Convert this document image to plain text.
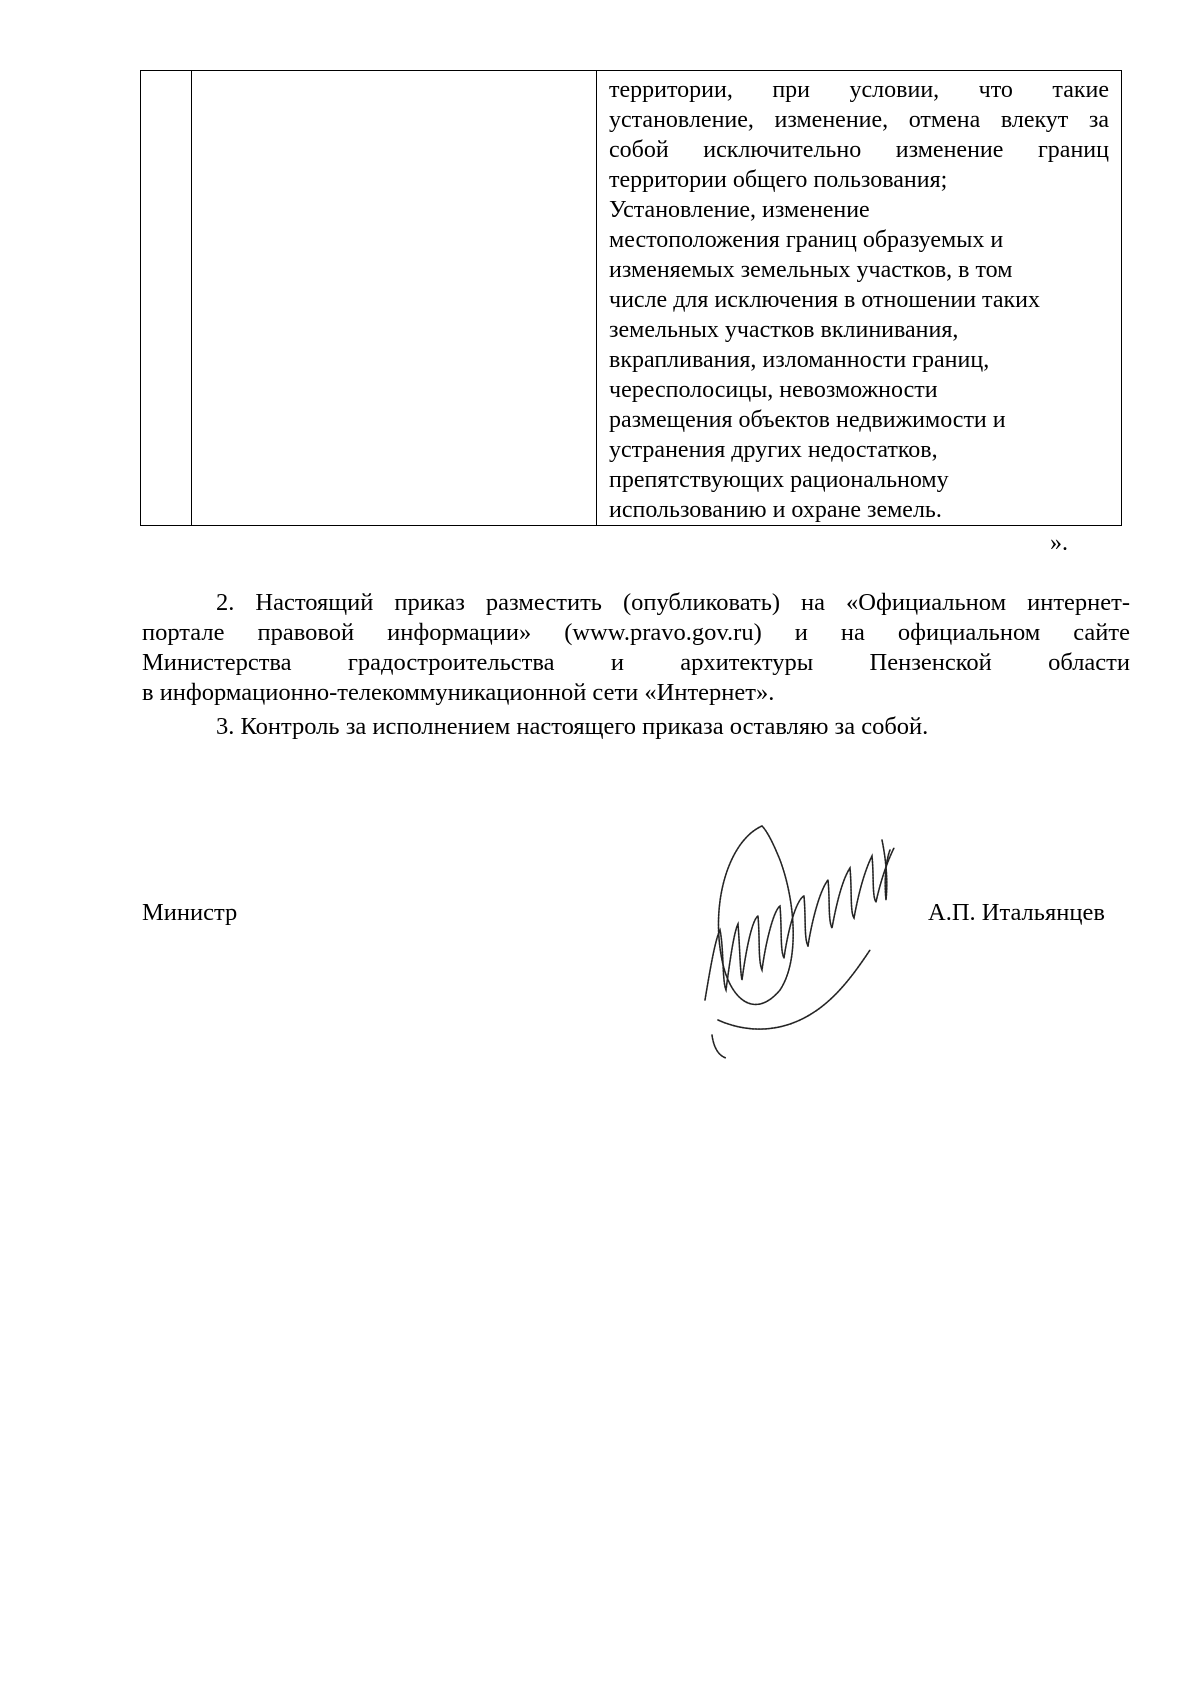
территории, при условии, что такие
установление, изменение, отмена влекут за
собой исключительно изменение границ
территории общего пользования;
Установление, изменение
местоположения границ образуемых и
изменяемых земельных участков, в том
числе для исключения в отношении таких
земельных участков вклинивания,
вкрапливания, изломанности границ,
чересполосицы, невозможности
размещения объектов недвижимости и
устранения других недостатков,
препятствующих рациональному
использованию и охране земель.
».
2. Настоящий приказ разместить (опубликовать) на «Официальном интернет-
портале правовой информации» (www.pravo.gov.ru) и на официальном сайте
Министерства градостроительства и архитектуры Пензенской области
в информационно-телекоммуникационной сети «Интернет».
3. Контроль за исполнением настоящего приказа оставляю за собой.
Министр	А.П. Итальянцев
